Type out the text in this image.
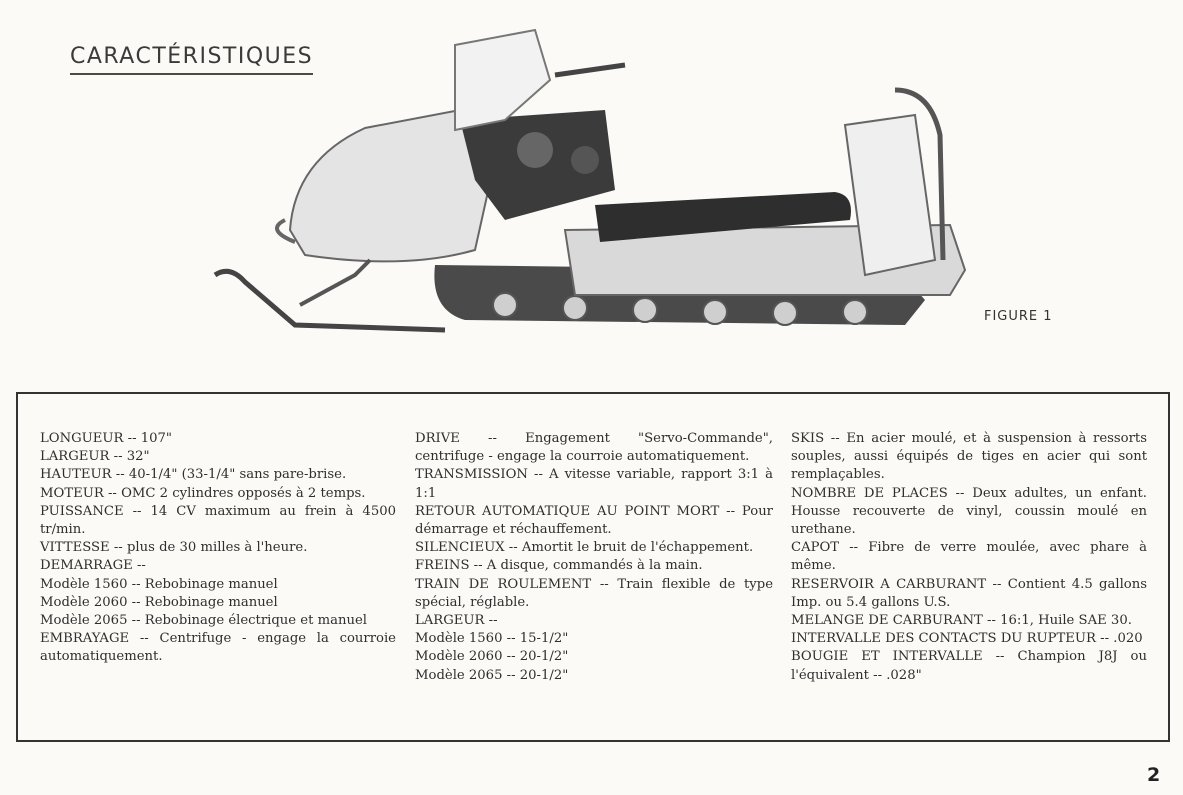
CARACTÉRISTIQUES
FIGURE 1

LONGUEUR -- 107"

LARGEUR -- 32"

HAUTEUR -- 40-1/4" (33-1/4" sans pare-brise.

MOTEUR -- OMC 2 cylindres opposés à 2 temps.

PUISSANCE -- 14 CV maximum au frein à 4500 tr/min.

VITTESSE -- plus de 30 milles à l'heure.

DEMARRAGE --

Modèle 1560 -- Rebobinage manuel

Modèle 2060 -- Rebobinage manuel

Modèle 2065 -- Rebobinage électrique et manuel

EMBRAYAGE -- Centrifuge - engage la courroie automatiquement.

DRIVE -- Engagement "Servo-Commande", centrifuge - engage la courroie automatiquement.

TRANSMISSION -- A vitesse variable, rapport 3:1 à 1:1

RETOUR AUTOMATIQUE AU POINT MORT -- Pour démarrage et réchauffement.

SILENCIEUX -- Amortit le bruit de l'échappement.

FREINS -- A disque, commandés à la main.

TRAIN DE ROULEMENT -- Train flexible de type spécial, réglable.

LARGEUR --

Modèle 1560 -- 15-1/2"

Modèle 2060 -- 20-1/2"

Modèle 2065 -- 20-1/2"

SKIS -- En acier moulé, et à suspension à ressorts souples, aussi équipés de tiges en acier qui sont remplaçables.

NOMBRE DE PLACES -- Deux adultes, un enfant. Housse recouverte de vinyl, coussin moulé en urethane.

CAPOT -- Fibre de verre moulée, avec phare à même.

RESERVOIR A CARBURANT -- Contient 4.5 gallons Imp. ou 5.4 gallons U.S.

MELANGE DE CARBURANT -- 16:1, Huile SAE 30.

INTERVALLE DES CONTACTS DU RUPTEUR -- .020

BOUGIE ET INTERVALLE -- Champion J8J ou l'équivalent -- .028"

2
